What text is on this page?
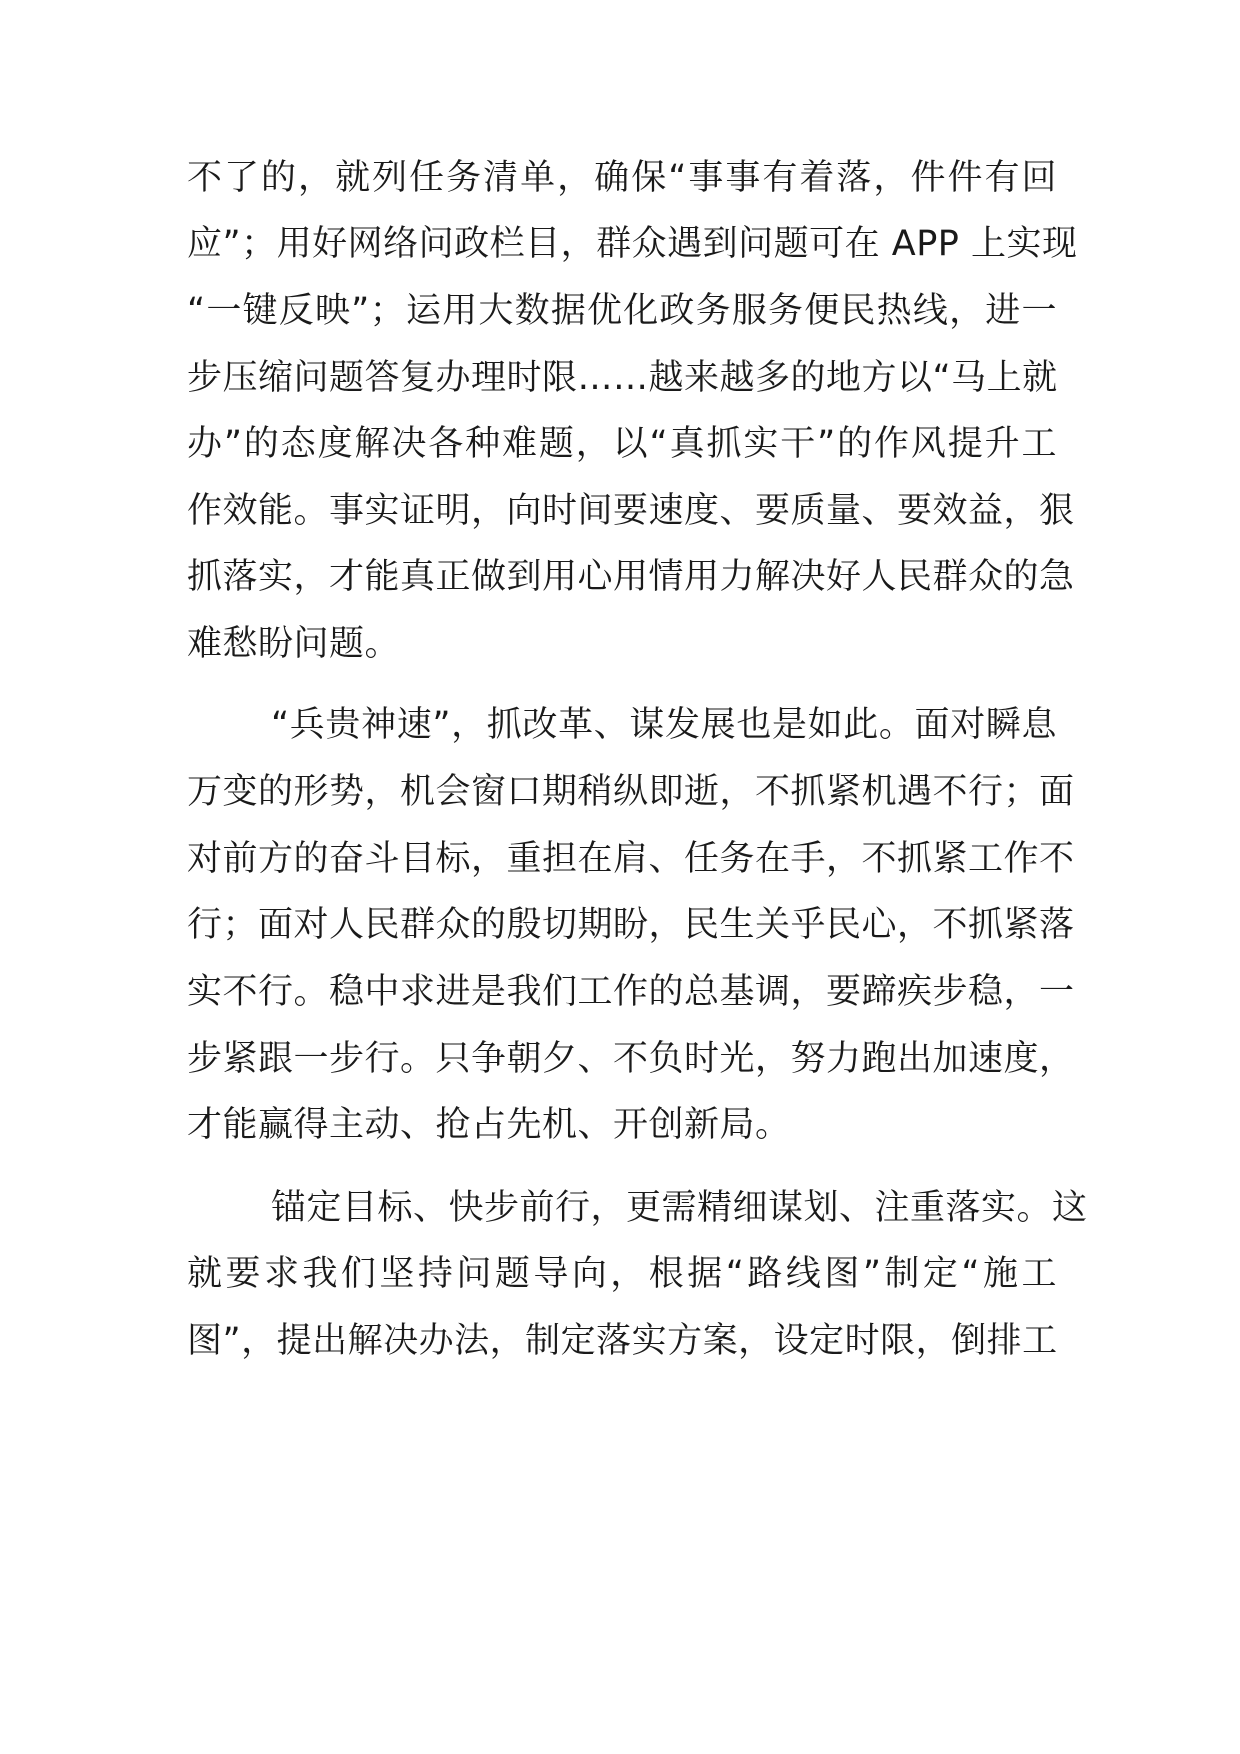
不了的，就列任务清单，确保“事事有着落，件件有回
应”；用好网络问政栏目，群众遇到问题可在 APP 上实现
“一键反映”；运用大数据优化政务服务便民热线，进一
步压缩问题答复办理时限……越来越多的地方以“马上就
办”的态度解决各种难题，以“真抓实干”的作风提升工
作效能。事实证明，向时间要速度、要质量、要效益，狠
抓落实，才能真正做到用心用情用力解决好人民群众的急
难愁盼问题。
“兵贵神速”，抓改革、谋发展也是如此。面对瞬息
万变的形势，机会窗口期稍纵即逝，不抓紧机遇不行；面
对前方的奋斗目标，重担在肩、任务在手，不抓紧工作不
行；面对人民群众的殷切期盼，民生关乎民心，不抓紧落
实不行。稳中求进是我们工作的总基调，要蹄疾步稳，一
步紧跟一步行。只争朝夕、不负时光，努力跑出加速度，
才能赢得主动、抢占先机、开创新局。
锚定目标、快步前行，更需精细谋划、注重落实。这
就要求我们坚持问题导向，根据“路线图”制定“施工
图”，提出解决办法，制定落实方案，设定时限，倒排工
